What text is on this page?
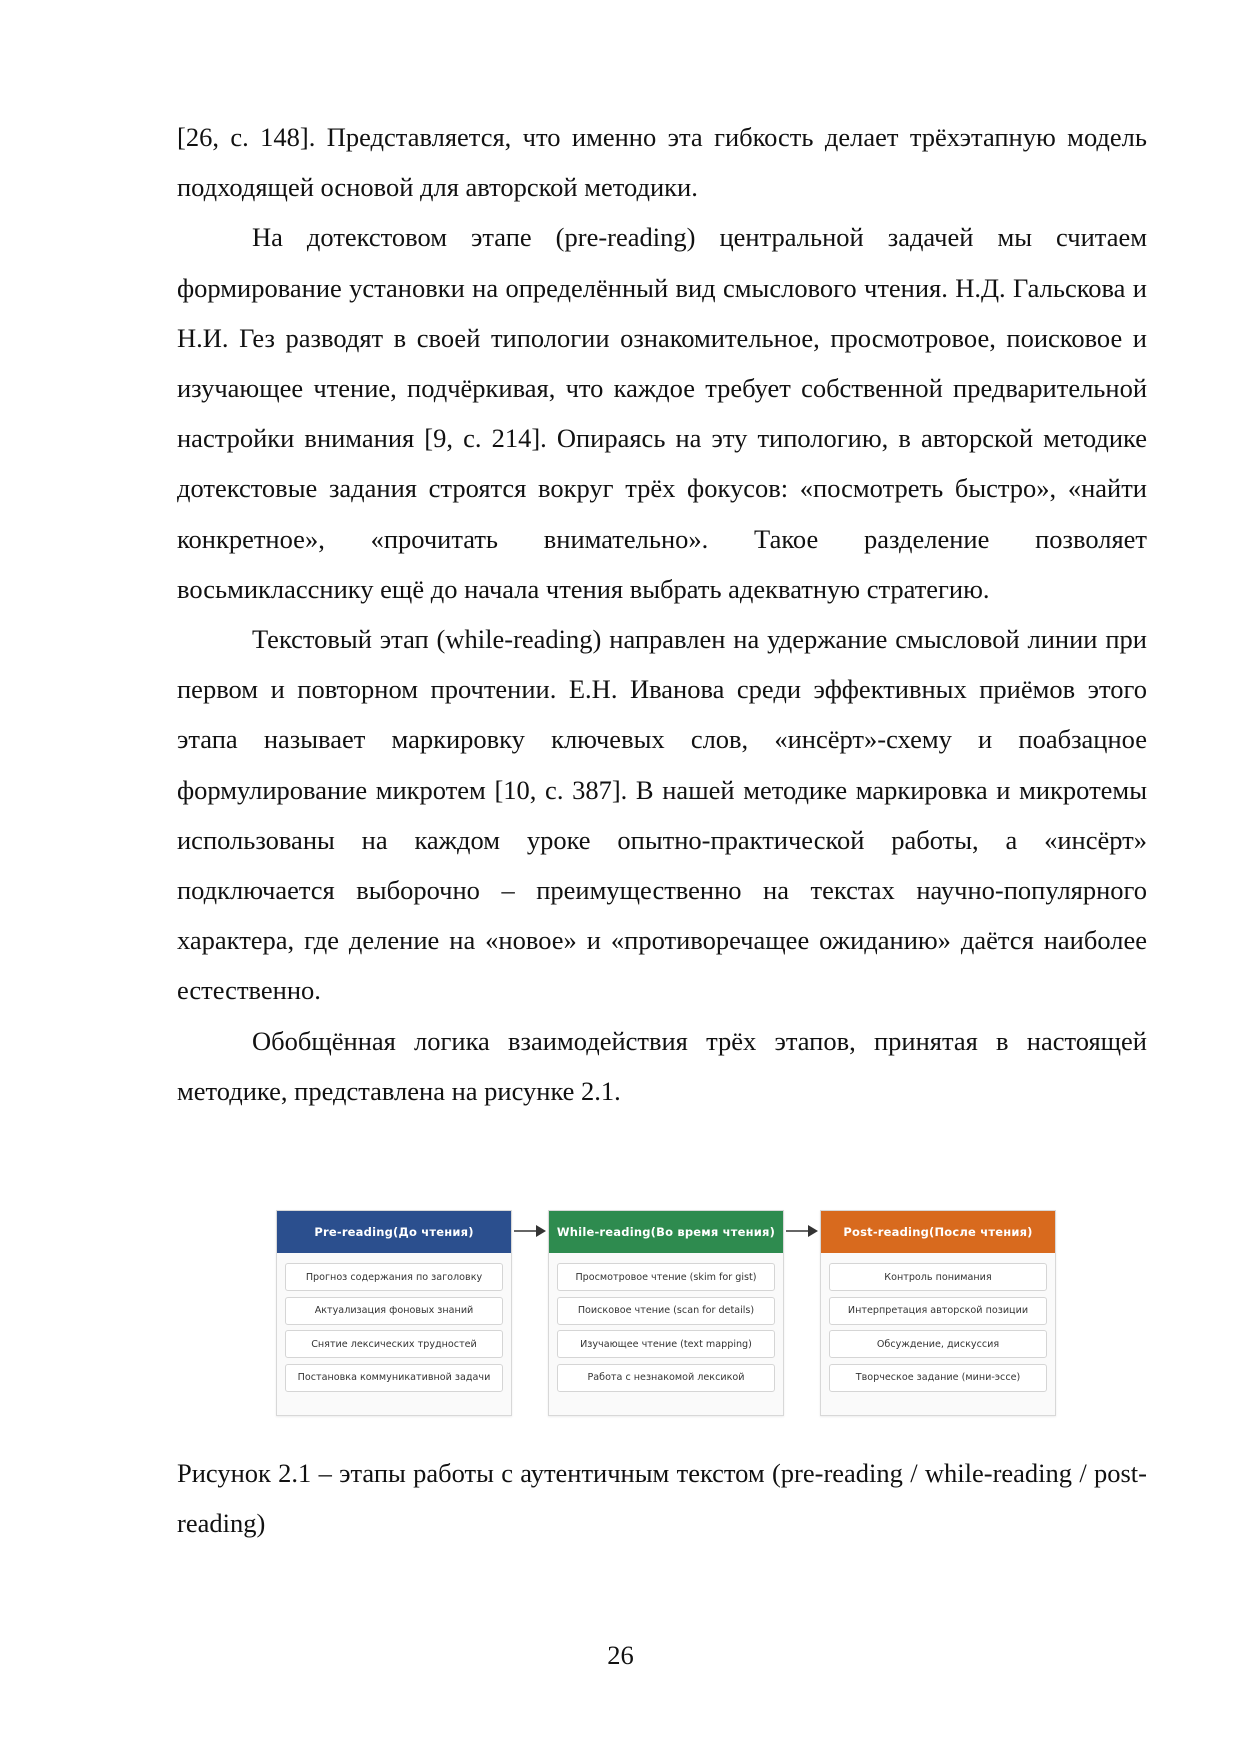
[26, с. 148]. Представляется, что именно эта гибкость делает трёхэтапную модель подходящей основой для авторской методики.

На дотекстовом этапе (pre-reading) центральной задачей мы считаем формирование установки на определённый вид смыслового чтения. Н.Д. Гальскова и Н.И. Гез разводят в своей типологии ознакомительное, просмотровое, поисковое и изучающее чтение, подчёркивая, что каждое требует собственной предварительной настройки внимания [9, с. 214]. Опираясь на эту типологию, в авторской методике дотекстовые задания строятся вокруг трёх фокусов: «посмотреть быстро», «найти конкретное», «прочитать внимательно». Такое разделение позволяет восьмикласснику ещё до начала чтения выбрать адекватную стратегию.

Текстовый этап (while-reading) направлен на удержание смысловой линии при первом и повторном прочтении. Е.Н. Иванова среди эффективных приёмов этого этапа называет маркировку ключевых слов, «инсёрт»-схему и поабзацное формулирование микротем [10, с. 387]. В нашей методике маркировка и микротемы использованы на каждом уроке опытно-практической работы, а «инсёрт» подключается выборочно – преимущественно на текстах научно-популярного характера, где деление на «новое» и «противоречащее ожиданию» даётся наиболее естественно.

Обобщённая логика взаимодействия трёх этапов, принятая в настоящей методике, представлена на рисунке 2.1.

Pre-reading(До чтения)
Прогноз содержания по заголовку
Актуализация фоновых знаний
Снятие лексических трудностей
Постановка коммуникативной задачи
While-reading(Во время чтения)
Просмотровое чтение (skim for gist)
Поисковое чтение (scan for details)
Изучающее чтение (text mapping)
Работа с незнакомой лексикой
Post-reading(После чтения)
Контроль понимания
Интерпретация авторской позиции
Обсуждение, дискуссия
Творческое задание (мини-эссе)

Рисунок 2.1 – этапы работы с аутентичным текстом (pre-reading / while-reading / post-reading)

26
